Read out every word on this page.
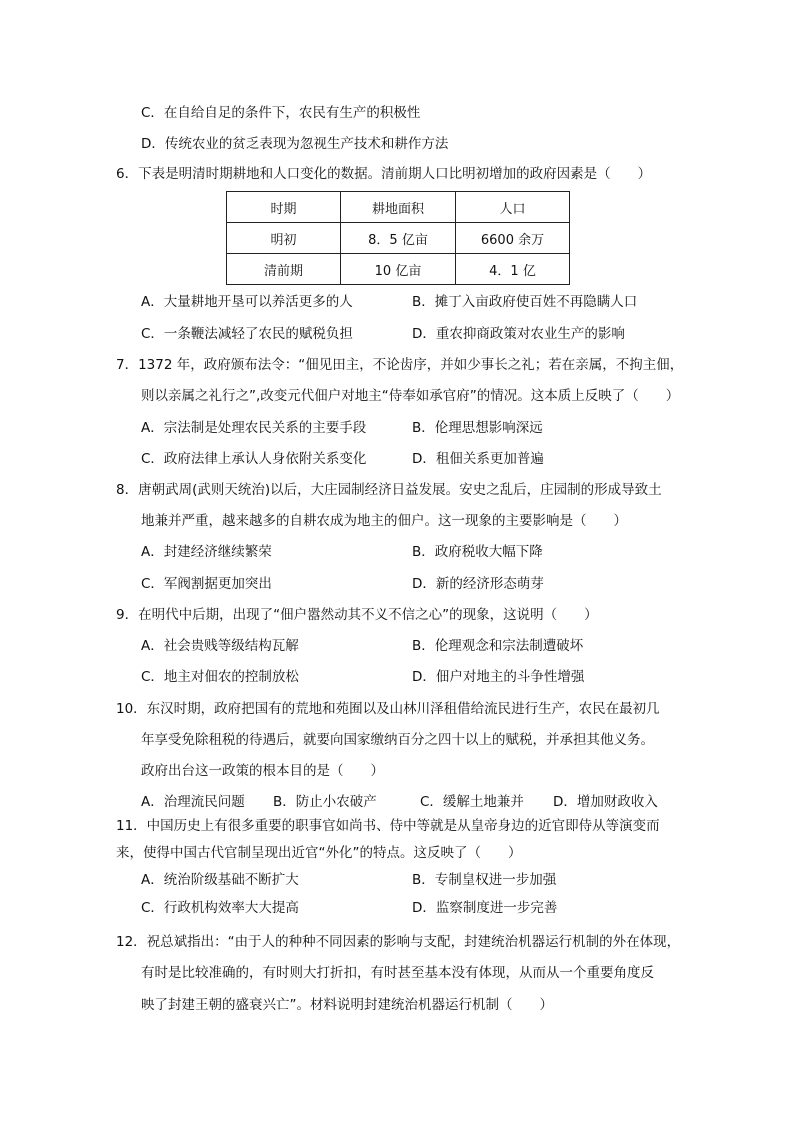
C．在自给自足的条件下，农民有生产的积极性
D．传统农业的贫乏表现为忽视生产技术和耕作方法
6．下表是明清时期耕地和人口变化的数据。清前期人口比明初增加的政府因素是（　　）
时期	耕地面积	人口
明初	8．5 亿亩	6600 余万
清前期	10 亿亩	4．1 亿
A．大量耕地开垦可以养活更多的人	B．摊丁入亩政府使百姓不再隐瞒人口
C．一条鞭法减轻了农民的赋税负担	D．重农抑商政策对农业生产的影响
7．1372 年，政府颁布法令：“佃见田主，不论齿序，并如少事长之礼；若在亲属，不拘主佃，
则以亲属之礼行之”,改变元代佃户对地主“侍奉如承官府”的情况。这本质上反映了（　　）
A．宗法制是处理农民关系的主要手段	B．伦理思想影响深远
C．政府法律上承认人身依附关系变化	D．租佃关系更加普遍
8．唐朝武周(武则天统治)以后，大庄园制经济日益发展。安史之乱后，庄园制的形成导致土
地兼并严重，越来越多的自耕农成为地主的佃户。这一现象的主要影响是（　　）
A．封建经济继续繁荣	B．政府税收大幅下降
C．军阀割据更加突出	D．新的经济形态萌芽
9．在明代中后期，出现了“佃户嚣然动其不义不信之心”的现象，这说明（　　）
A．社会贵贱等级结构瓦解	B．伦理观念和宗法制遭破坏
C．地主对佃农的控制放松	D．佃户对地主的斗争性增强
10．东汉时期，政府把国有的荒地和苑囿以及山林川泽租借给流民进行生产，农民在最初几
年享受免除租税的待遇后，就要向国家缴纳百分之四十以上的赋税，并承担其他义务。
政府出台这一政策的根本目的是（　　）
A．治理流民问题 B．防止小农破产	C．缓解土地兼并 D．增加财政收入
11．中国历史上有很多重要的职事官如尚书、侍中等就是从皇帝身边的近官即侍从等演变而
来，使得中国古代官制呈现出近官“外化”的特点。这反映了（　　）
A．统治阶级基础不断扩大	B．专制皇权进一步加强
C．行政机构效率大大提高	D．监察制度进一步完善
12．祝总斌指出：“由于人的种种不同因素的影响与支配，封建统治机器运行机制的外在体现，
有时是比较准确的，有时则大打折扣，有时甚至基本没有体现，从而从一个重要角度反
映了封建王朝的盛衰兴亡”。材料说明封建统治机器运行机制（　　）
